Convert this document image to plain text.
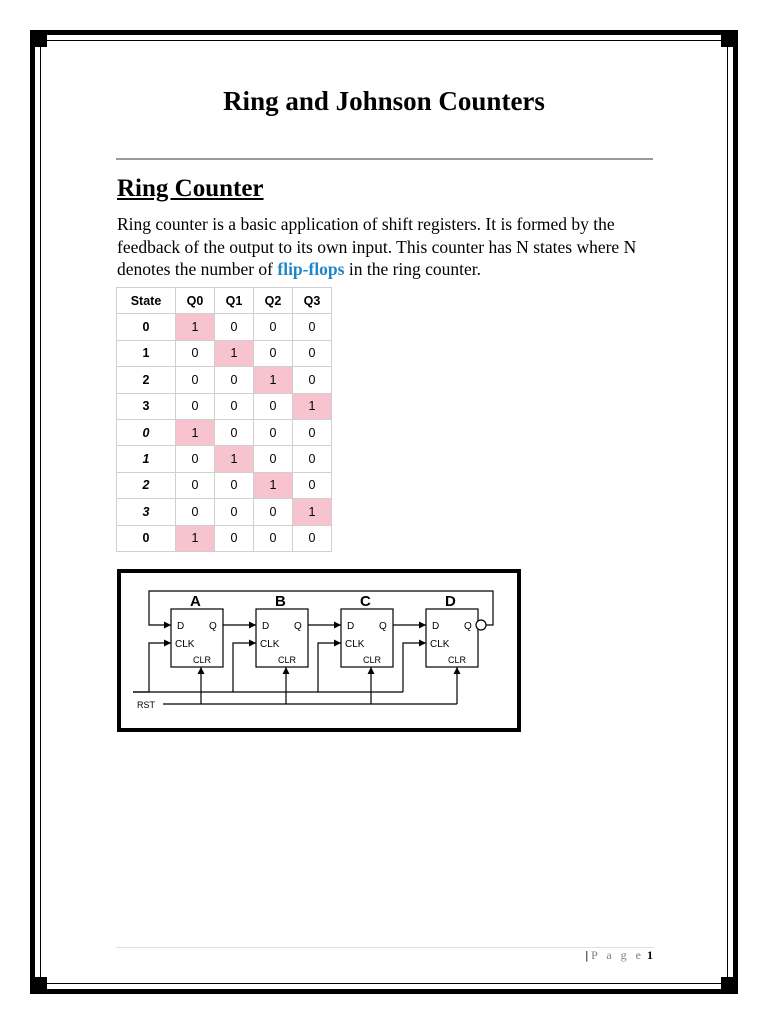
Ring and Johnson Counters
Ring Counter

Ring counter is a basic application of shift registers. It is formed by the feedback of the output to its own input. This counter has N states where N denotes the number of flip-flops in the ring counter.

State	Q0	Q1	Q2	Q3
0	1	0	0	0
1	0	1	0	0
2	0	0	1	0
3	0	0	0	1
0	1	0	0	0
1	0	1	0	0
2	0	0	1	0
3	0	0	0	1
0	1	0	0	0
A	B	C	D
D Q
CLK
CLR
D Q
CLK
CLR
D Q
CLK
CLR
D Q
CLK
CLR
RST
| P a g e 1
